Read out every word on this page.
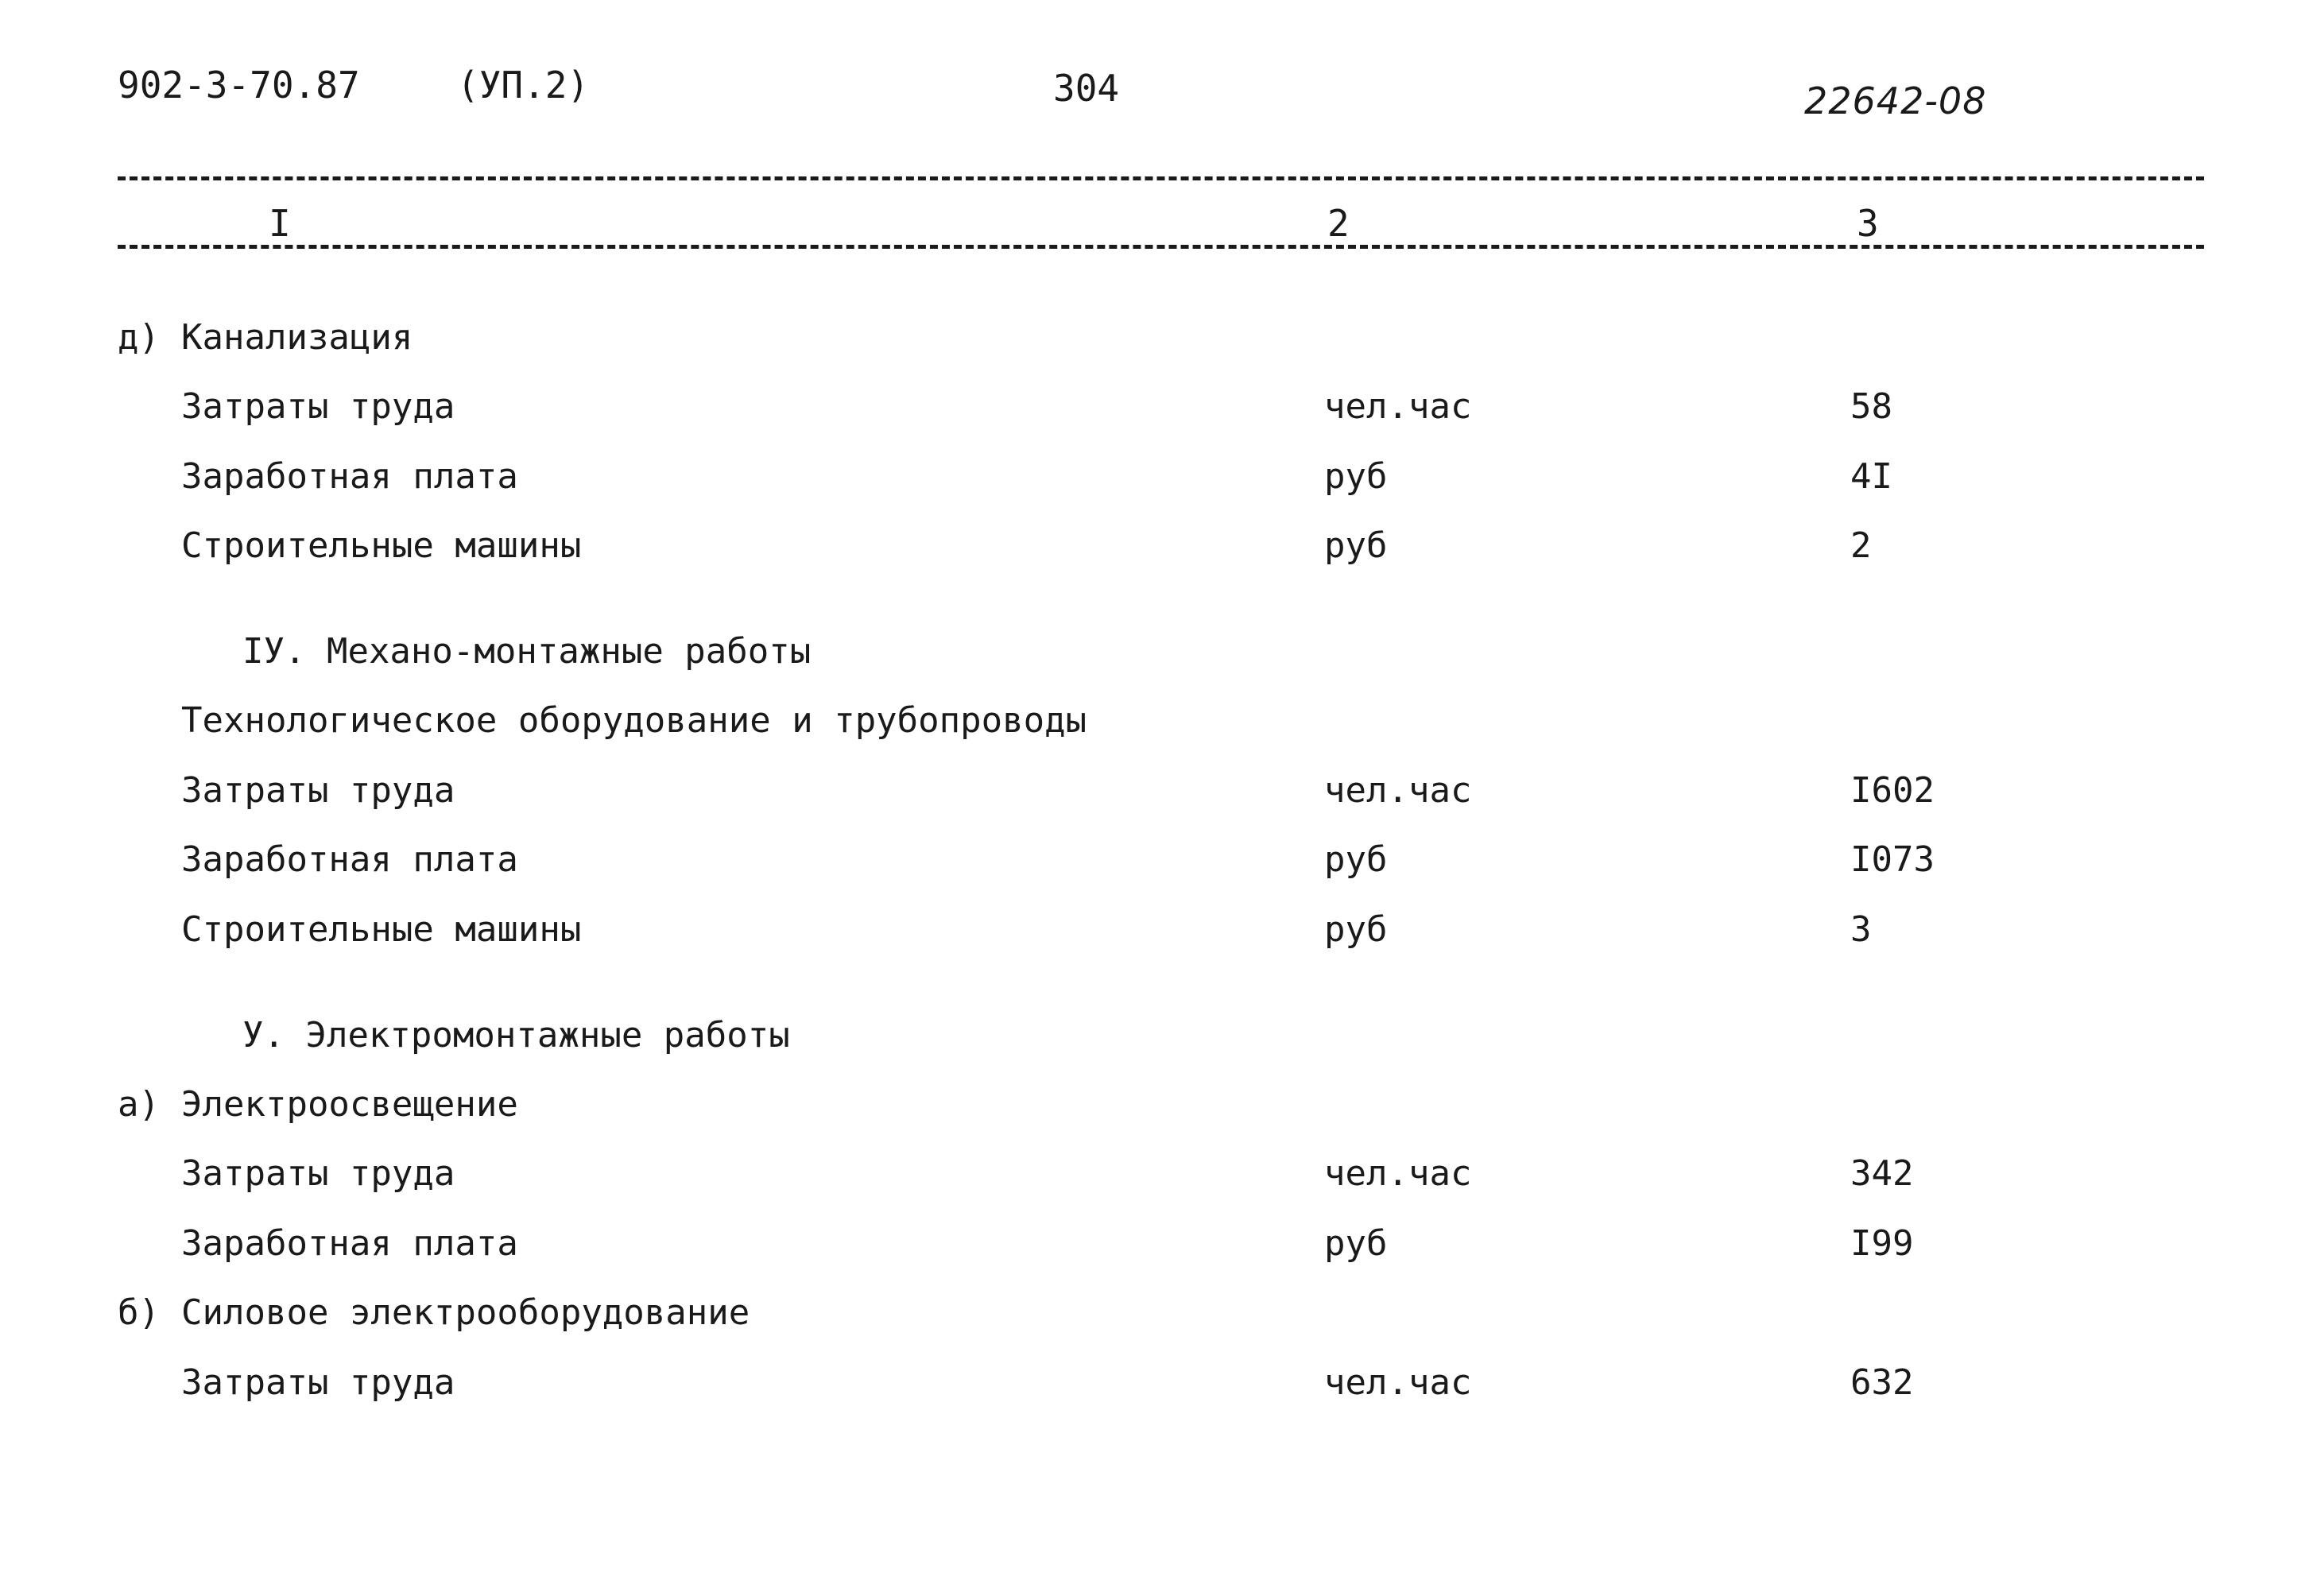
902-3-70.87	(УП.2)	304	22642-08
I	2	3
д) Канализация
Затраты труда	чел.час	58
Заработная плата	руб	4I
Строительные машины	руб	2
IУ. Механо-монтажные работы
Технологическое оборудование и трубопроводы
Затраты труда	чел.час	I602
Заработная плата	руб	I073
Строительные машины	руб	3
У. Электромонтажные работы
а) Электроосвещение
Затраты труда	чел.час	342
Заработная плата	руб	I99
б) Силовое электрооборудование
Затраты труда	чел.час	632
